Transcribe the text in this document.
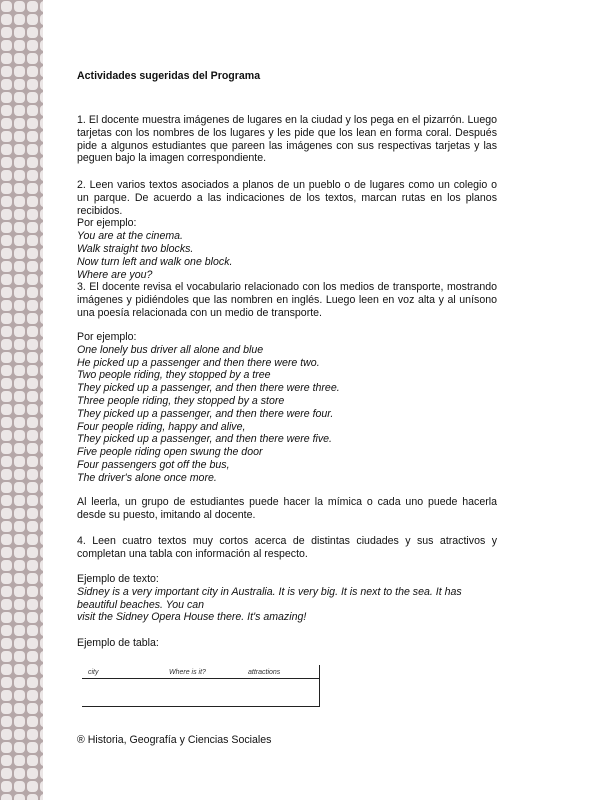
Actividades sugeridas del Programa

1. El docente muestra imágenes de lugares en la ciudad y los pega en el pizarrón. Luego tarjetas con los nombres de los lugares y les pide que los lean en forma coral. Después pide a algunos estudiantes que pareen las imágenes con sus respectivas tarjetas y las peguen bajo la imagen correspondiente.

2. Leen varios textos asociados a planos de un pueblo o de lugares como un colegio o un parque. De acuerdo a las indicaciones de los textos, marcan rutas en los planos recibidos.

Por ejemplo:

You are at the cinema.

Walk straight two blocks.

Now turn left and walk one block.

Where are you?

3. El docente revisa el vocabulario relacionado con los medios de transporte, mostrando imágenes y pidiéndoles que las nombren en inglés. Luego leen en voz alta y al unísono una poesía relacionada con un medio de transporte.

Por ejemplo:

One lonely bus driver all alone and blue

He picked up a passenger and then there were two.

Two people riding, they stopped by a tree

They picked up a passenger, and then there were three.

Three people riding, they stopped by a store

They picked up a passenger, and then there were four.

Four people riding, happy and alive,

They picked up a passenger, and then there were five.

Five people riding open swung the door

Four passengers got off the bus,

The driver's alone once more.

Al leerla, un grupo de estudiantes puede hacer la mímica o cada uno puede hacerla desde su puesto, imitando al docente.

4. Leen cuatro textos muy cortos acerca de distintas ciudades y sus atractivos y completan una tabla con información al respecto.

Ejemplo de texto:

Sidney is a very important city in Australia. It is very big. It is next to the sea. It has beautiful beaches. You can

visit the Sidney Opera House there. It's amazing!

Ejemplo de tabla:

city	Where is it?	attractions

® Historia, Geografía y Ciencias Sociales
